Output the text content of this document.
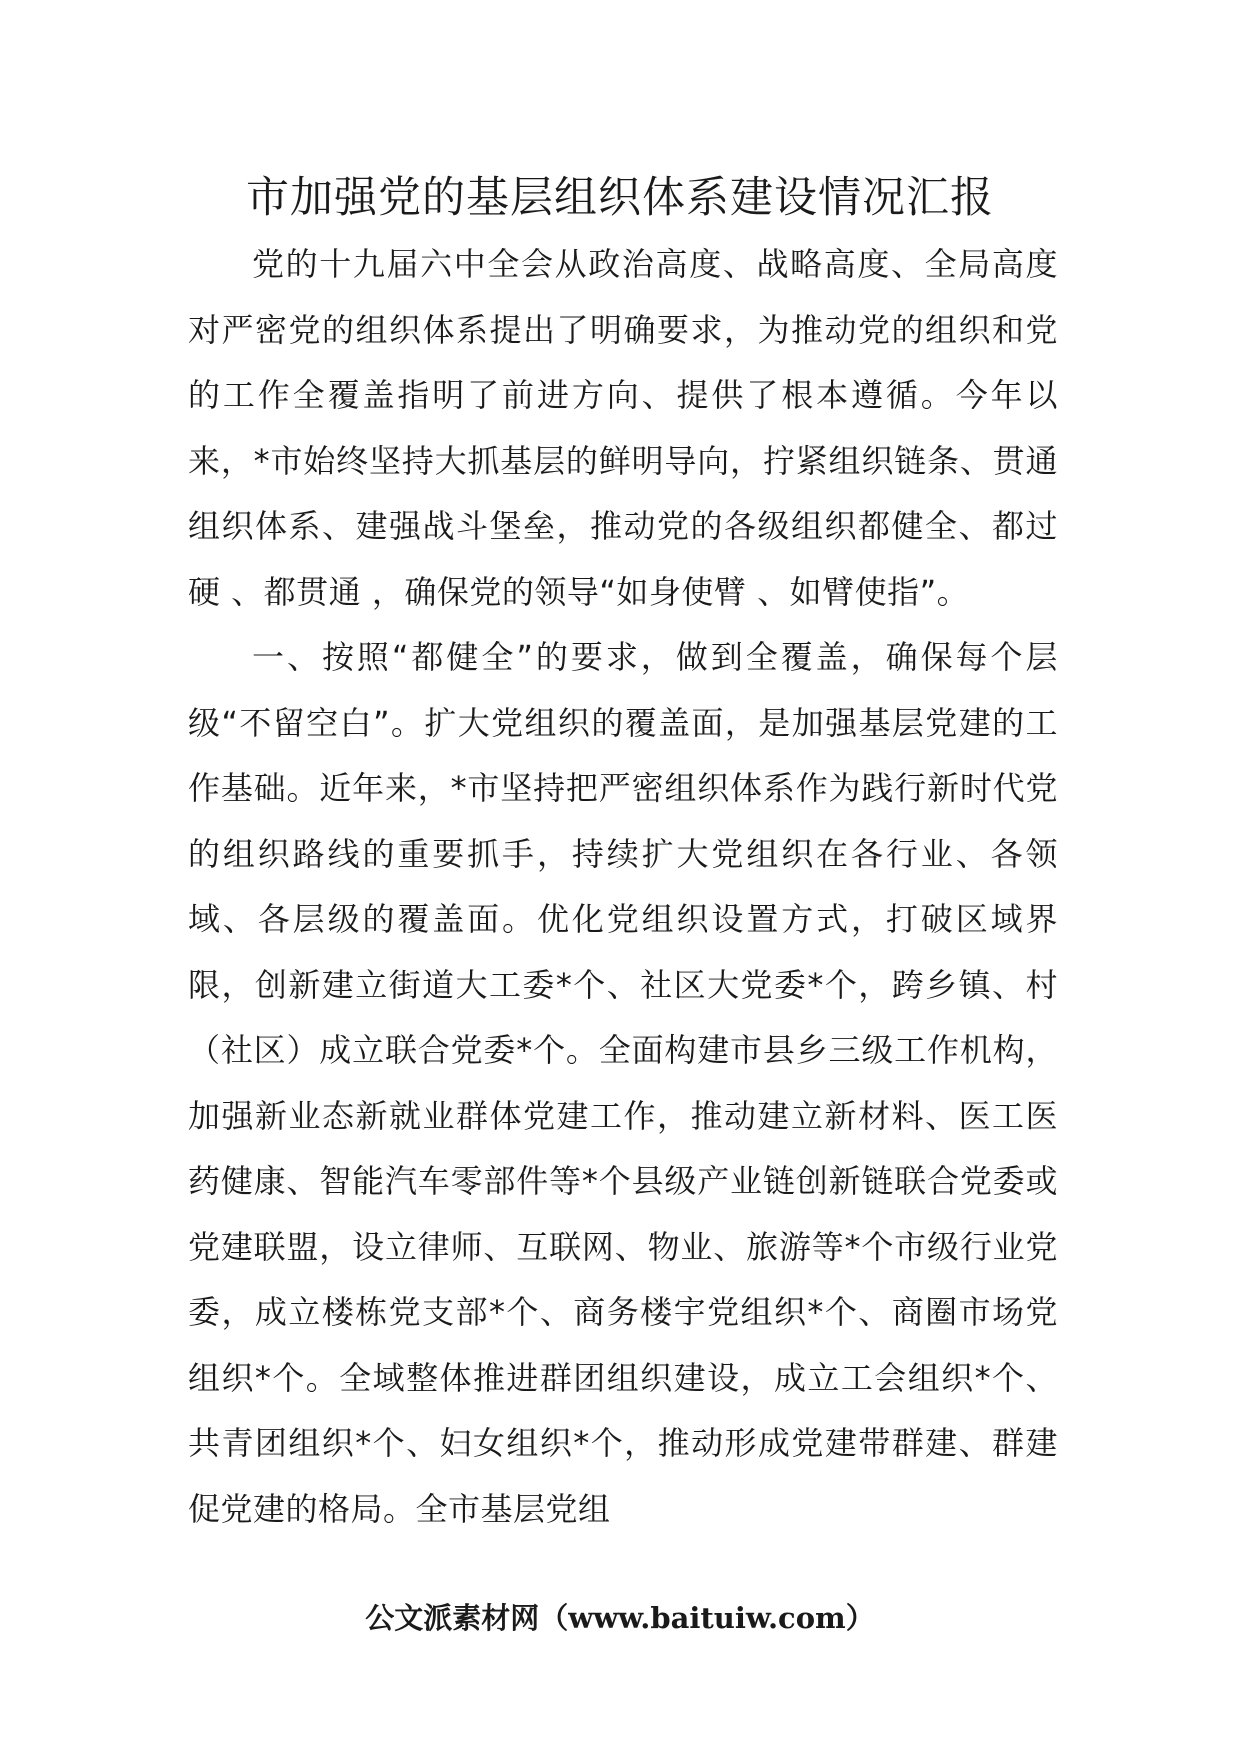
市加强党的基层组织体系建设情况汇报

党的十九届六中全会从政治高度、战略高度、全局高度对严密党的组织体系提出了明确要求，为推动党的组织和党的工作全覆盖指明了前进方向、提供了根本遵循。今年以来，*市始终坚持大抓基层的鲜明导向，拧紧组织链条、贯通组织体系、建强战斗堡垒，推动党的各级组织都健全、都过硬 、都贯通 ，确保党的领导“如身使臂 、如臂使指”。

一、按照“都健全”的要求，做到全覆盖，确保每个层级“不留空白”。扩大党组织的覆盖面，是加强基层党建的工作基础。近年来，*市坚持把严密组织体系作为践行新时代党的组织路线的重要抓手，持续扩大党组织在各行业、各领域、各层级的覆盖面。优化党组织设置方式，打破区域界限，创新建立街道大工委*个、社区大党委*个，跨乡镇、村（社区）成立联合党委*个。全面构建市县乡三级工作机构，加强新业态新就业群体党建工作，推动建立新材料、医工医药健康、智能汽车零部件等*个县级产业链创新链联合党委或党建联盟，设立律师、互联网、物业、旅游等*个市级行业党委，成立楼栋党支部*个、商务楼宇党组织*个、商圈市场党组织*个。全域整体推进群团组织建设，成立工会组织*个、共青团组织*个、妇女组织*个，推动形成党建带群建、群建促党建的格局。全市基层党组

公文派素材网（www.baituiw.com）
